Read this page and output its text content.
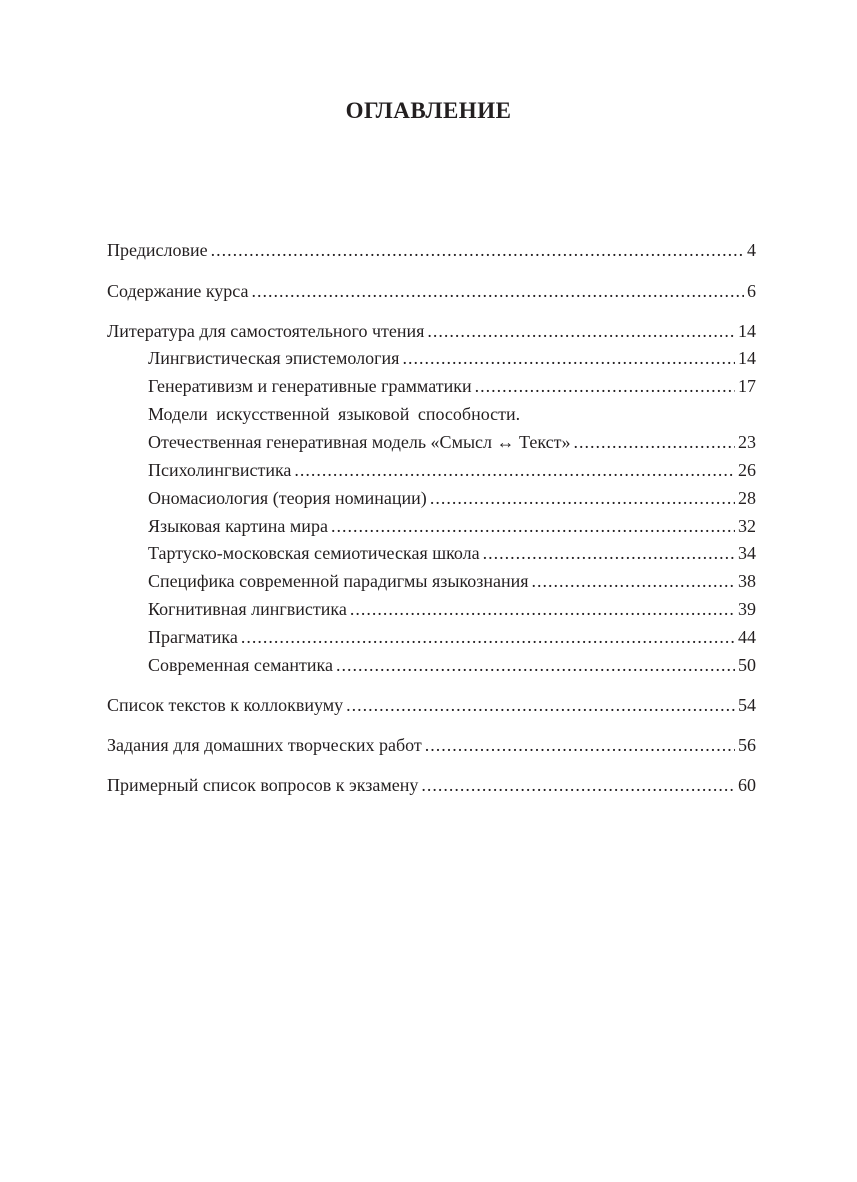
ОГЛАВЛЕНИЕ
Предисловие .....	4
Содержание курса .....	6
Литература для самостоятельного чтения .....	14
Лингвистическая эпистемология .....	14
Генеративизм и генеративные грамматики .....	17
Модели искусственной языковой способности.
Отечественная генеративная модель «Смысл ↔ Текст» .....	23
Психолингвистика .....	26
Ономасиология (теория номинации) .....	28
Языковая картина мира .....	32
Тартуско-московская семиотическая школа .....	34
Специфика современной парадигмы языкознания .....	38
Когнитивная лингвистика .....	39
Прагматика .....	44
Современная семантика .....	50
Список текстов к коллоквиуму .....	54
Задания для домашних творческих работ .....	56
Примерный список вопросов к экзамену .....	60
